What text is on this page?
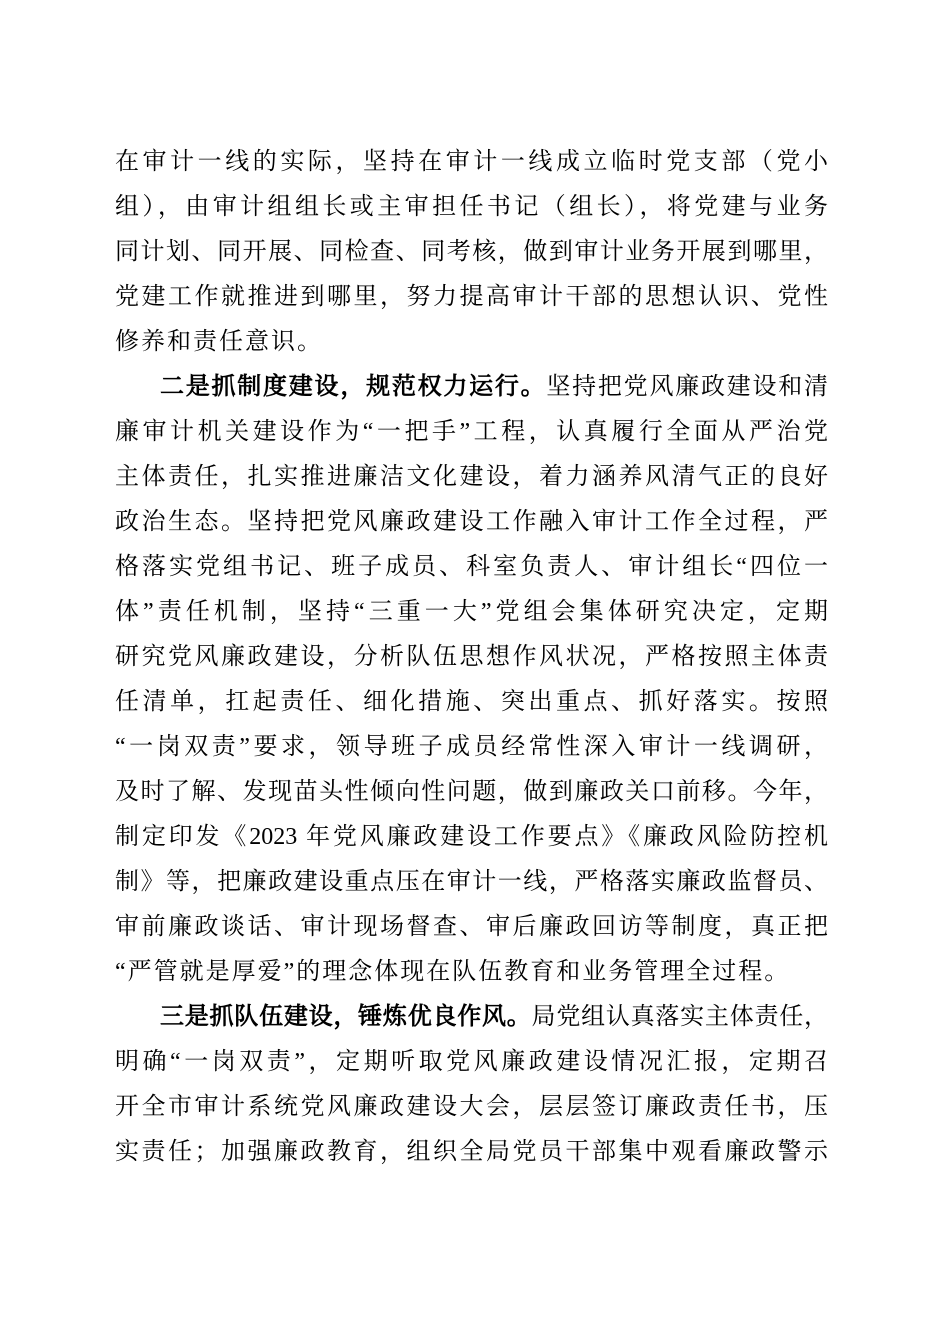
在审计一线的实际，坚持在审计一线成立临时党支部（党小
组），由审计组组长或主审担任书记（组长），将党建与业务
同计划、同开展、同检查、同考核，做到审计业务开展到哪里，
党建工作就推进到哪里，努力提高审计干部的思想认识、党性
修养和责任意识。
二是抓制度建设，规范权力运行。坚持把党风廉政建设和清
廉审计机关建设作为“一把手”工程，认真履行全面从严治党
主体责任，扎实推进廉洁文化建设，着力涵养风清气正的良好
政治生态。坚持把党风廉政建设工作融入审计工作全过程，严
格落实党组书记、班子成员、科室负责人、审计组长“四位一
体”责任机制，坚持“三重一大”党组会集体研究决定，定期
研究党风廉政建设，分析队伍思想作风状况，严格按照主体责
任清单，扛起责任、细化措施、突出重点、抓好落实。按照
“一岗双责”要求，领导班子成员经常性深入审计一线调研，
及时了解、发现苗头性倾向性问题，做到廉政关口前移。今年，
制定印发《2023 年党风廉政建设工作要点》《廉政风险防控机
制》等，把廉政建设重点压在审计一线，严格落实廉政监督员、
审前廉政谈话、审计现场督查、审后廉政回访等制度，真正把
“严管就是厚爱”的理念体现在队伍教育和业务管理全过程。
三是抓队伍建设，锤炼优良作风。局党组认真落实主体责任，
明确“一岗双责”，定期听取党风廉政建设情况汇报，定期召
开全市审计系统党风廉政建设大会，层层签订廉政责任书，压
实责任；加强廉政教育，组织全局党员干部集中观看廉政警示
